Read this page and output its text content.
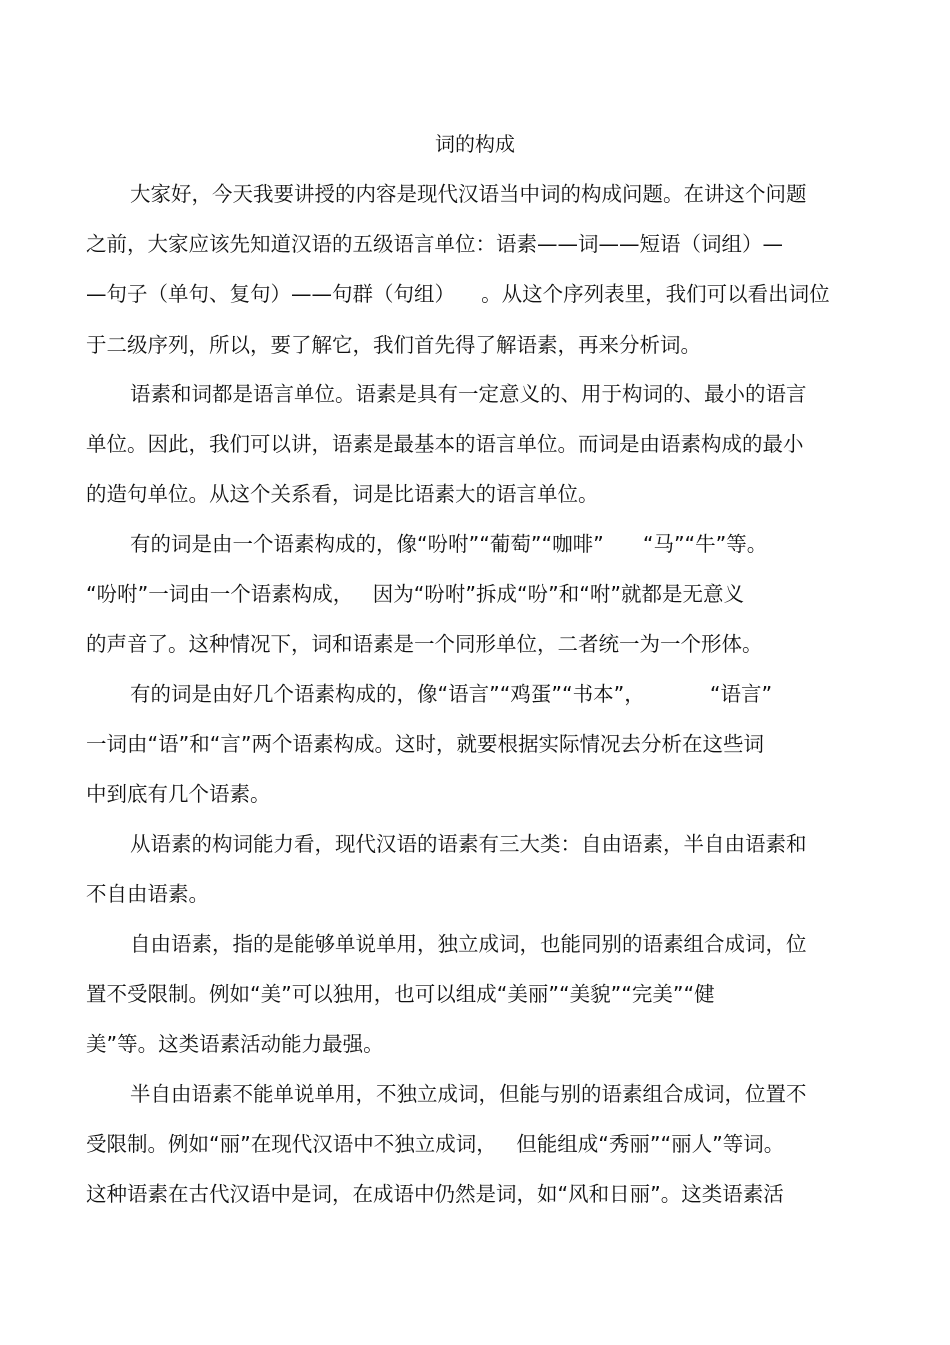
词的构成
大家好，今天我要讲授的内容是现代汉语当中词的构成问题。在讲这个问题
之前，大家应该先知道汉语的五级语言单位：语素——词——短语（词组）—
—句子（单句、复句）——句群（句组）    。从这个序列表里，我们可以看出词位
于二级序列，所以，要了解它，我们首先得了解语素，再来分析词。
语素和词都是语言单位。语素是具有一定意义的、用于构词的、最小的语言
单位。因此，我们可以讲，语素是最基本的语言单位。而词是由语素构成的最小
的造句单位。从这个关系看，词是比语素大的语言单位。
有的词是由一个语素构成的，像“吩咐”“葡萄”“咖啡”      “马”“牛”等。
“吩咐”一词由一个语素构成，   因为“吩咐”拆成“吩”和“咐”就都是无意义
的声音了。这种情况下，词和语素是一个同形单位，二者统一为一个形体。
有的词是由好几个语素构成的，像“语言”“鸡蛋”“书本”，          “语言”
一词由“语”和“言”两个语素构成。这时，就要根据实际情况去分析在这些词
中到底有几个语素。
从语素的构词能力看，现代汉语的语素有三大类：自由语素，半自由语素和
不自由语素。
自由语素，指的是能够单说单用，独立成词，也能同别的语素组合成词，位
置不受限制。例如“美”可以独用，也可以组成“美丽”“美貌”“完美”“健
美”等。这类语素活动能力最强。
半自由语素不能单说单用，不独立成词，但能与别的语素组合成词，位置不
受限制。例如“丽”在现代汉语中不独立成词，   但能组成“秀丽”“丽人”等词。
这种语素在古代汉语中是词，在成语中仍然是词，如“风和日丽”。这类语素活
